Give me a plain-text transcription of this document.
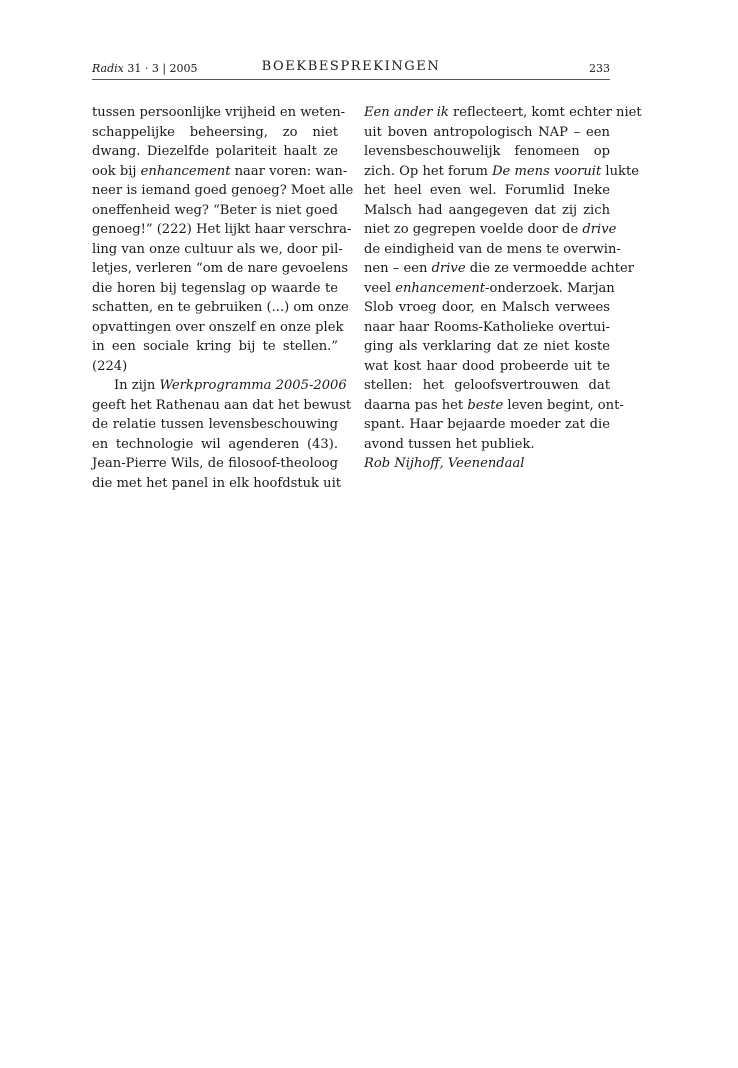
Radix 31 · 3 | 2005	BOEKBESPREKINGEN	233

tussen persoonlijke vrijheid en weten-
schappelijke beheersing, zo niet
dwang. Diezelfde polariteit haalt ze
ook bij enhancement naar voren: wan-
neer is iemand goed genoeg? Moet alle
oneffenheid weg? “Beter is niet goed
genoeg!” (222) Het lijkt haar verschra-
ling van onze cultuur als we, door pil-
letjes, verleren “om de nare gevoelens
die horen bij tegenslag op waarde te
schatten, en te gebruiken (...) om onze
opvattingen over onszelf en onze plek
in een sociale kring bij te stellen.”
(224)

In zijn Werkprogramma 2005-2006
geeft het Rathenau aan dat het bewust
de relatie tussen levensbeschouwing
en technologie wil agenderen (43).
Jean-Pierre Wils, de filosoof-theoloog
die met het panel in elk hoofdstuk uit

Een ander ik reflecteert, komt echter niet
uit boven antropologisch NAP – een
levensbeschouwelijk fenomeen op
zich. Op het forum De mens vooruit lukte
het heel even wel. Forumlid Ineke
Malsch had aangegeven dat zij zich
niet zo gegrepen voelde door de drive
de eindigheid van de mens te overwin-
nen – een drive die ze vermoedde achter
veel enhancement-onderzoek. Marjan
Slob vroeg door, en Malsch verwees
naar haar Rooms-Katholieke overtui-
ging als verklaring dat ze niet koste
wat kost haar dood probeerde uit te
stellen: het geloofsvertrouwen dat
daarna pas het beste leven begint, ont-
spant. Haar bejaarde moeder zat die
avond tussen het publiek.

Rob Nijhoff, Veenendaal
